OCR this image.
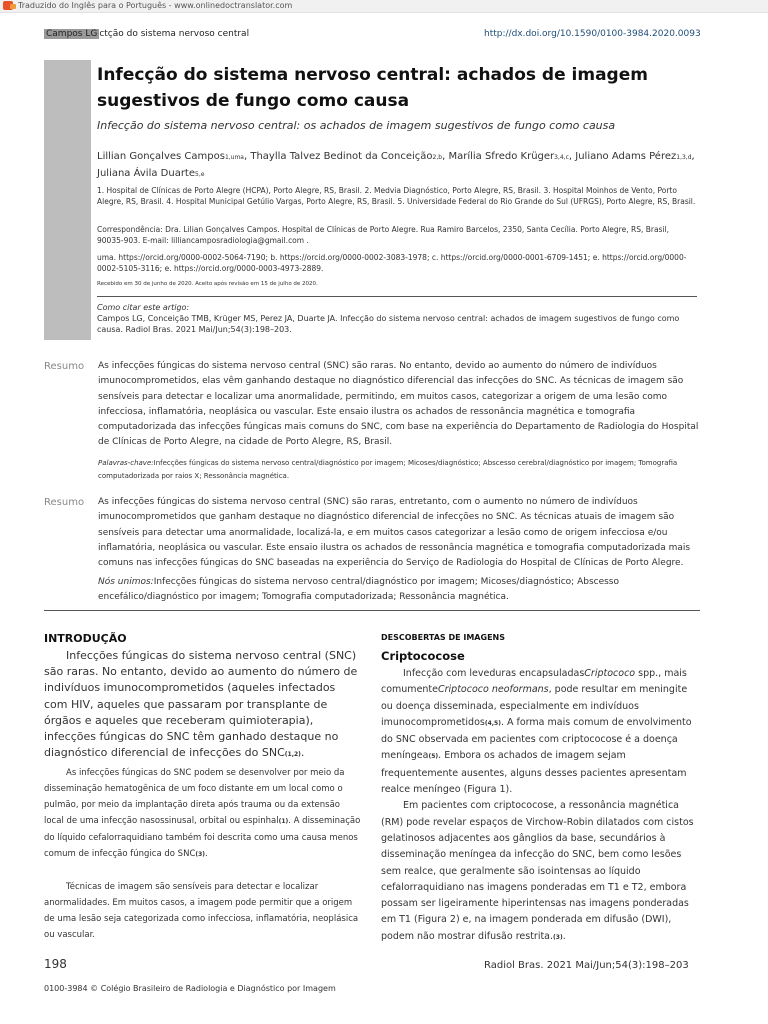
Traduzido do Inglês para o Português - www.onlinedoctranslator.com
Campos LG ctção do sistema nervoso central	http://dx.doi.org/10.1590/0100-3984.2020.0093
Infecção do sistema nervoso central: achados de imagem sugestivos de fungo como causa
Infecção do sistema nervoso central: os achados de imagem sugestivos de fungo como causa
Lillian Gonçalves Campos1,uma, Thaylla Talvez Bedinot da Conceição2,b, Marília Sfredo Krüger3,4,c, Juliano Adams Pérez1,3,d, Juliana Ávila Duarte5,e
1. Hospital de Clínicas de Porto Alegre (HCPA), Porto Alegre, RS, Brasil. 2. Medvia Diagnóstico, Porto Alegre, RS, Brasil. 3. Hospital Moinhos de Vento, Porto Alegre, RS, Brasil. 4. Hospital Municipal Getúlio Vargas, Porto Alegre, RS, Brasil. 5. Universidade Federal do Rio Grande do Sul (UFRGS), Porto Alegre, RS, Brasil.
Correspondência: Dra. Lilian Gonçalves Campos. Hospital de Clínicas de Porto Alegre. Rua Ramiro Barcelos, 2350, Santa Cecília. Porto Alegre, RS, Brasil, 90035-903. E-mail: lilliancamposradiologia@gmail.com .
uma. https://orcid.org/0000-0002-5064-7190; b. https://orcid.org/0000-0002-3083-1978; c. https://orcid.org/0000-0001-6709-1451; e. https://orcid.org/0000-0002-5105-3116; e. https://orcid.org/0000-0003-4973-2889.
Recebido em 30 de junho de 2020. Aceito após revisão em 15 de julho de 2020.
Como citar este artigo:
Campos LG, Conceição TMB, Krüger MS, Perez JA, Duarte JA. Infecção do sistema nervoso central: achados de imagem sugestivos de fungo como causa. Radiol Bras. 2021 Mai/Jun;54(3):198–203.
Resumo As infecções fúngicas do sistema nervoso central (SNC) são raras. No entanto, devido ao aumento do número de indivíduos imunocomprometidos, elas vêm ganhando destaque no diagnóstico diferencial das infecções do SNC. As técnicas de imagem são sensíveis para detectar e localizar uma anormalidade, permitindo, em muitos casos, categorizar a origem de uma lesão como infecciosa, inflamatória, neoplásica ou vascular. Este ensaio ilustra os achados de ressonância magnética e tomografia computadorizada das infecções fúngicas mais comuns do SNC, com base na experiência do Departamento de Radiologia do Hospital de Clínicas de Porto Alegre, na cidade de Porto Alegre, RS, Brasil.
Palavras-chave:Infecções fúngicas do sistema nervoso central/diagnóstico por imagem; Micoses/diagnóstico; Abscesso cerebral/diagnóstico por imagem; Tomografia computadorizada por raios X; Ressonância magnética.
Resumo As infecções fúngicas do sistema nervoso central (SNC) são raras, entretanto, com o aumento no número de indivíduos imunocomprometidos que ganham destaque no diagnóstico diferencial de infecções no SNC. As técnicas atuais de imagem são sensíveis para detectar uma anormalidade, localizá-la, e em muitos casos categorizar a lesão como de origem infecciosa e/ou inflamatória, neoplásica ou vascular. Este ensaio ilustra os achados de ressonância magnética e tomografia computadorizada mais comuns nas infecções fúngicas do SNC baseadas na experiência do Serviço de Radiologia do Hospital de Clínicas de Porto Alegre.
Nós unimos:Infecções fúngicas do sistema nervoso central/diagnóstico por imagem; Micoses/diagnóstico; Abscesso encefálico/diagnóstico por imagem; Tomografia computadorizada; Ressonância magnética.
INTRODUÇÃO

Infecções fúngicas do sistema nervoso central (SNC) são raras. No entanto, devido ao aumento do número de indivíduos imunocomprometidos (aqueles infectados com HIV, aqueles que passaram por transplante de órgãos e aqueles que receberam quimioterapia), infecções fúngicas do SNC têm ganhado destaque no diagnóstico diferencial de infecções do SNC(1,2).

As infecções fúngicas do SNC podem se desenvolver por meio da disseminação hematogênica de um foco distante em um local como o pulmão, por meio da implantação direta após trauma ou da extensão local de uma infecção nasossinusal, orbital ou espinhal(1). A disseminação do líquido cefalorraquidiano também foi descrita como uma causa menos comum de infecção fúngica do SNC(3).

Técnicas de imagem são sensíveis para detectar e localizar anormalidades. Em muitos casos, a imagem pode permitir que a origem de uma lesão seja categorizada como infecciosa, inflamatória, neoplásica ou vascular.

DESCOBERTAS DE IMAGENS
Criptococose

Infecção com leveduras encapsuladasCriptococo spp., mais comumenteCriptococo neoformans, pode resultar em meningite ou doença disseminada, especialmente em indivíduos imunocomprometidos(4,5). A forma mais comum de envolvimento do SNC observada em pacientes com criptococose é a doença meníngea(5). Embora os achados de imagem sejam frequentemente ausentes, alguns desses pacientes apresentam realce meníngeo (Figura 1).

Em pacientes com criptococose, a ressonância magnética (RM) pode revelar espaços de Virchow-Robin dilatados com cistos gelatinosos adjacentes aos gânglios da base, secundários à disseminação meníngea da infecção do SNC, bem como lesões sem realce, que geralmente são isointensas ao líquido cefalorraquidiano nas imagens ponderadas em T1 e T2, embora possam ser ligeiramente hiperintensas nas imagens ponderadas em T1 (Figura 2) e, na imagem ponderada em difusão (DWI), podem não mostrar difusão restrita.(3).

198	Radiol Bras. 2021 Mai/Jun;54(3):198–203
0100-3984 © Colégio Brasileiro de Radiologia e Diagnóstico por Imagem
